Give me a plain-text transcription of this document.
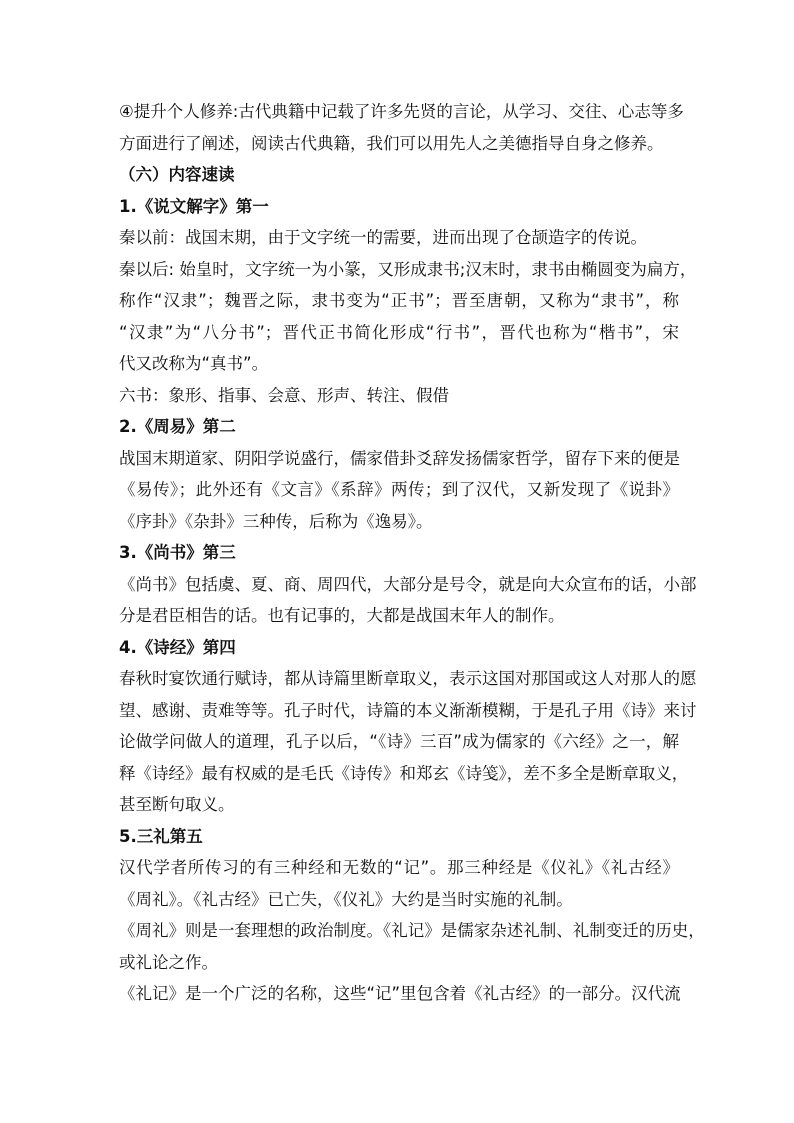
④提升个人修养:古代典籍中记载了许多先贤的言论，从学习、交往、心志等多

方面进行了阐述，阅读古代典籍，我们可以用先人之美德指导自身之修养。

（六）内容速读

1.《说文解字》第一

秦以前：战国末期，由于文字统一的需要，进而出现了仓颉造字的传说。

秦以后: 始皇时，文字统一为小篆，又形成隶书;汉末时，隶书由椭圆变为扁方，

称作“汉隶”；魏晋之际，隶书变为“正书”；晋至唐朝，又称为“隶书”，称

“汉隶”为“八分书”；晋代正书简化形成“行书”，晋代也称为“楷书”，宋

代又改称为“真书”。

六书：象形、指事、会意、形声、转注、假借

2.《周易》第二

战国末期道家、阴阳学说盛行，儒家借卦爻辞发扬儒家哲学，留存下来的便是

《易传》；此外还有《文言》《系辞》两传；到了汉代，又新发现了《说卦》

《序卦》《杂卦》三种传，后称为《逸易》。

3.《尚书》第三

《尚书》包括虞、夏、商、周四代，大部分是号令，就是向大众宣布的话，小部

分是君臣相告的话。也有记事的，大都是战国末年人的制作。

4.《诗经》第四

春秋时宴饮通行赋诗，都从诗篇里断章取义，表示这国对那国或这人对那人的愿

望、感谢、责难等等。孔子时代，诗篇的本义渐渐模糊，于是孔子用《诗》来讨

论做学问做人的道理，孔子以后，“《诗》三百”成为儒家的《六经》之一，解

释《诗经》最有权威的是毛氏《诗传》和郑玄《诗笺》，差不多全是断章取义，

甚至断句取义。

5.三礼第五

汉代学者所传习的有三种经和无数的“记”。那三种经是《仪礼》《礼古经》

《周礼》。《礼古经》已亡失，《仪礼》大约是当时实施的礼制。

《周礼》则是一套理想的政治制度。《礼记》是儒家杂述礼制、礼制变迁的历史，

或礼论之作。

《礼记》是一个广泛的名称，这些“记”里包含着《礼古经》的一部分。汉代流
